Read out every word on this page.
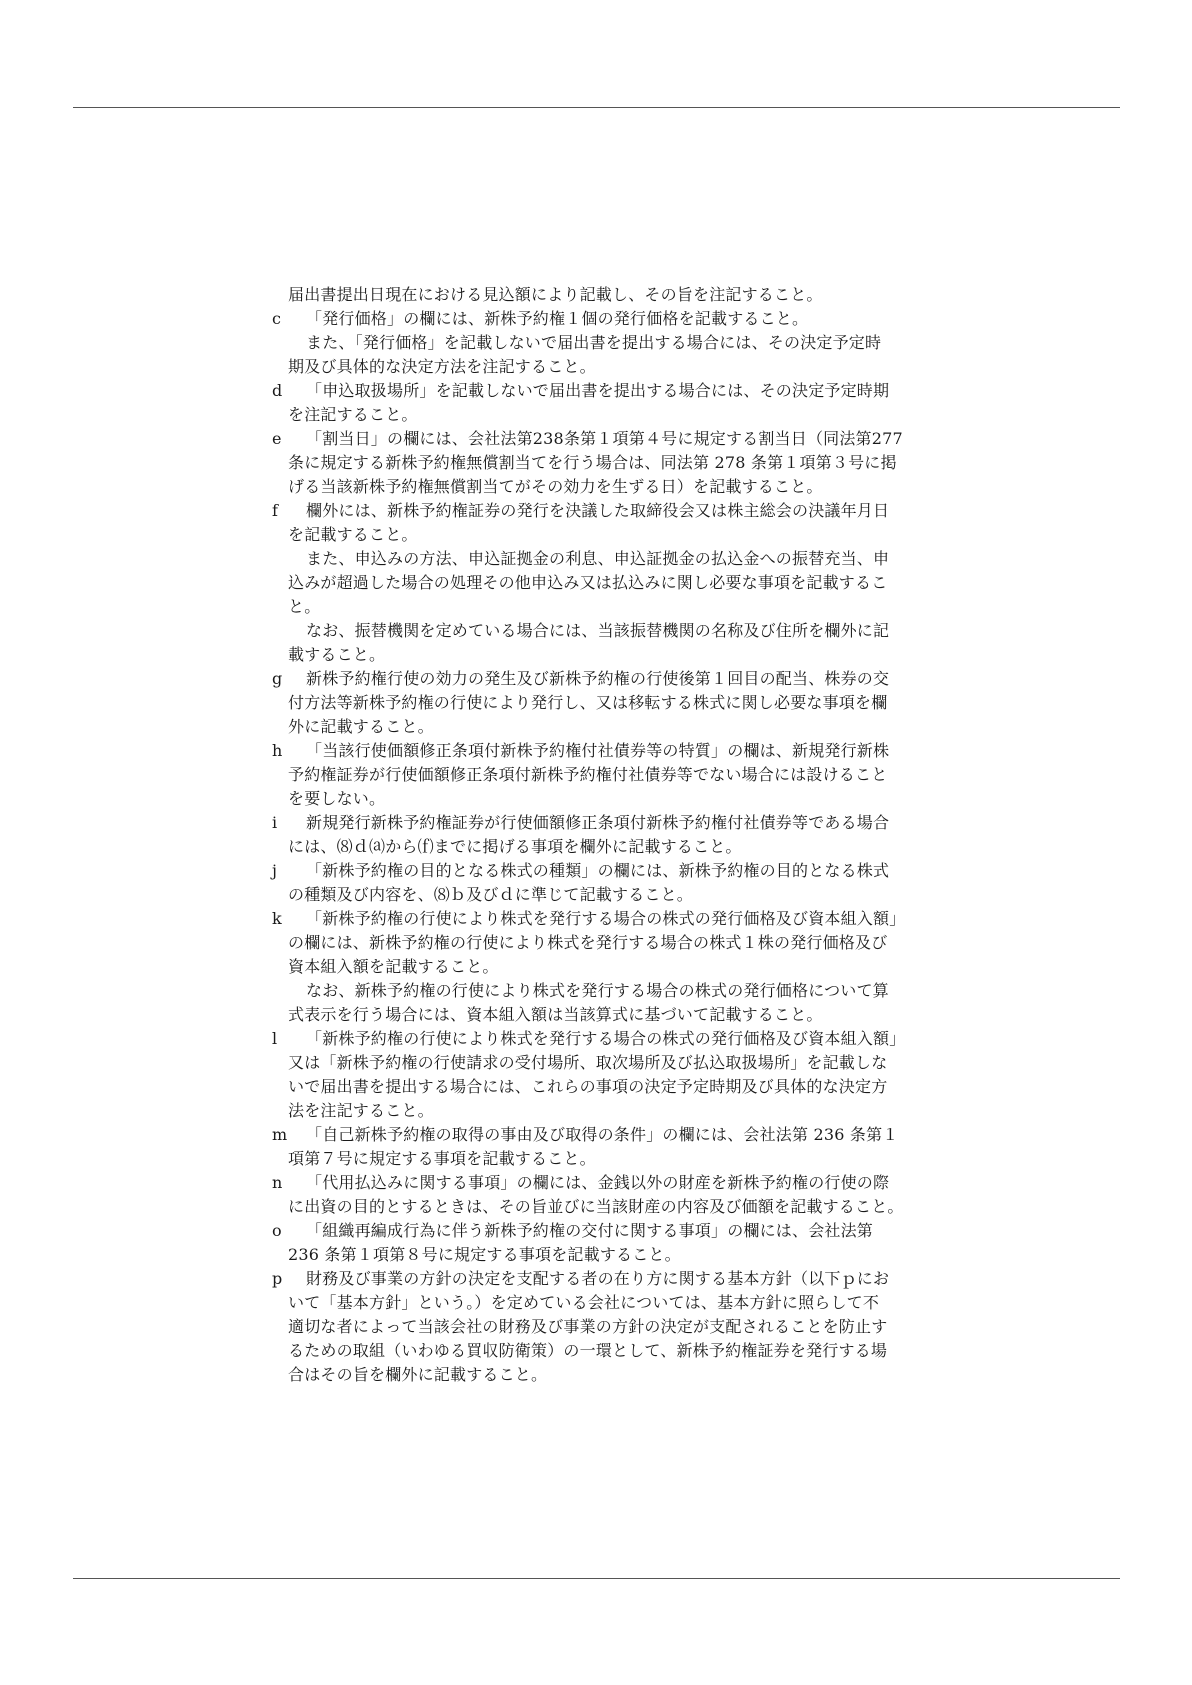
届出書提出日現在における見込額により記載し、その旨を注記すること。
c	「発行価格」の欄には、新株予約権１個の発行価格を記載すること。
また、「発行価格」を記載しないで届出書を提出する場合には、その決定予定時
期及び具体的な決定方法を注記すること。
d 「申込取扱場所」を記載しないで届出書を提出する場合には、その決定予定時期
を注記すること。
e 「割当日」の欄には、会社法第238条第１項第４号に規定する割当日（同法第277
条に規定する新株予約権無償割当てを行う場合は、同法第 278 条第１項第３号に掲
げる当該新株予約権無償割当てがその効力を生ずる日）を記載すること。
f	欄外には、新株予約権証券の発行を決議した取締役会又は株主総会の決議年月日
を記載すること。
また、申込みの方法、申込証拠金の利息、申込証拠金の払込金への振替充当、申
込みが超過した場合の処理その他申込み又は払込みに関し必要な事項を記載するこ
と。
なお、振替機関を定めている場合には、当該振替機関の名称及び住所を欄外に記
載すること。
g 新株予約権行使の効力の発生及び新株予約権の行使後第１回目の配当、株券の交
付方法等新株予約権の行使により発行し、又は移転する株式に関し必要な事項を欄
外に記載すること。
h 「当該行使価額修正条項付新株予約権付社債券等の特質」の欄は、新規発行新株
予約権証券が行使価額修正条項付新株予約権付社債券等でない場合には設けること
を要しない。
i	新規発行新株予約権証券が行使価額修正条項付新株予約権付社債券等である場合
には、⑻ｄ⒜から⒡までに掲げる事項を欄外に記載すること。
j	「新株予約権の目的となる株式の種類」の欄には、新株予約権の目的となる株式
の種類及び内容を、⑻ｂ及びｄに準じて記載すること。
k 「新株予約権の行使により株式を発行する場合の株式の発行価格及び資本組入額」
の欄には、新株予約権の行使により株式を発行する場合の株式１株の発行価格及び
資本組入額を記載すること。
なお、新株予約権の行使により株式を発行する場合の株式の発行価格について算
式表示を行う場合には、資本組入額は当該算式に基づいて記載すること。
l	「新株予約権の行使により株式を発行する場合の株式の発行価格及び資本組入額」
又は「新株予約権の行使請求の受付場所、取次場所及び払込取扱場所」を記載しな
いで届出書を提出する場合には、これらの事項の決定予定時期及び具体的な決定方
法を注記すること。
m 「自己新株予約権の取得の事由及び取得の条件」の欄には、会社法第 236 条第１
項第７号に規定する事項を記載すること。
n 「代用払込みに関する事項」の欄には、金銭以外の財産を新株予約権の行使の際
に出資の目的とするときは、その旨並びに当該財産の内容及び価額を記載すること。
o 「組織再編成行為に伴う新株予約権の交付に関する事項」の欄には、会社法第
236 条第１項第８号に規定する事項を記載すること。
p 財務及び事業の方針の決定を支配する者の在り方に関する基本方針（以下ｐにお
いて「基本方針」という。）を定めている会社については、基本方針に照らして不
適切な者によって当該会社の財務及び事業の方針の決定が支配されることを防止す
るための取組（いわゆる買収防衛策）の一環として、新株予約権証券を発行する場
合はその旨を欄外に記載すること。
